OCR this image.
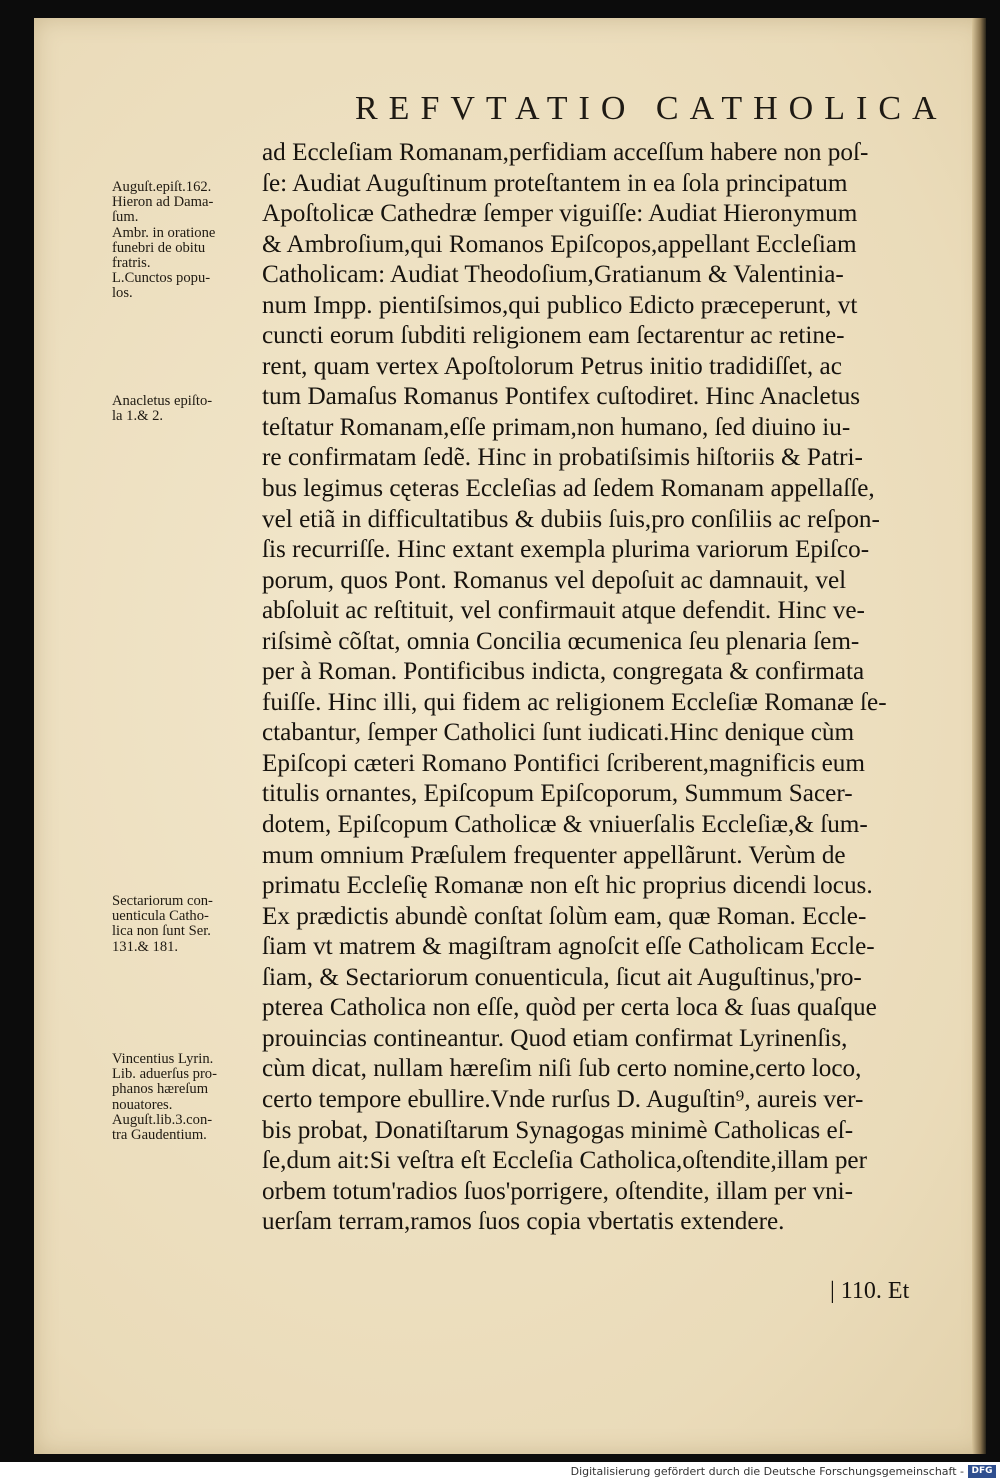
REFVTATIO CATHOLICA
ad Eccleſiam Romanam,perfidiam acceſſum habere non poſ-
ſe: Audiat Auguſtinum proteſtantem in ea ſola principatum
Apoſtolicæ Cathedræ ſemper viguiſſe: Audiat Hieronymum
& Ambroſium,qui Romanos Epiſcopos,appellant Eccleſiam
Catholicam: Audiat Theodoſium,Gratianum & Valentinia-
num Impp. pientiſsimos,qui publico Edicto præceperunt, vt
cuncti eorum ſubditi religionem eam ſectarentur ac retine-
rent, quam vertex Apoſtolorum Petrus initio tradidiſſet, ac
tum Damaſus Romanus Pontifex cuſtodiret. Hinc Anacletus
teſtatur Romanam,eſſe primam,non humano, ſed diuino iu-
re confirmatam ſedẽ. Hinc in probatiſsimis hiſtoriis & Patri-
bus legimus cęteras Eccleſias ad ſedem Romanam appellaſſe,
vel etiã in difficultatibus & dubiis ſuis,pro conſiliis ac reſpon-
ſis recurriſſe. Hinc extant exempla plurima variorum Epiſco-
porum, quos Pont. Romanus vel depoſuit ac damnauit, vel
abſoluit ac reſtituit, vel confirmauit atque defendit. Hinc ve-
riſsimè cõſtat, omnia Concilia œcumenica ſeu plenaria ſem-
per à Roman. Pontificibus indicta, congregata & confirmata
fuiſſe. Hinc illi, qui fidem ac religionem Eccleſiæ Romanæ ſe-
ctabantur, ſemper Catholici ſunt iudicati.Hinc denique cùm
Epiſcopi cæteri Romano Pontifici ſcriberent,magnificis eum
titulis ornantes, Epiſcopum Epiſcoporum, Summum Sacer-
dotem, Epiſcopum Catholicæ & vniuerſalis Eccleſiæ,& ſum-
mum omnium Præſulem frequenter appellãrunt. Verùm de
primatu Eccleſię Romanæ non eſt hic proprius dicendi locus.
Ex prædictis abundè conſtat ſolùm eam, quæ Roman. Eccle-
ſiam vt matrem & magiſtram agnoſcit eſſe Catholicam Eccle-
ſiam, & Sectariorum conuenticula, ſicut ait Auguſtinus,'pro-
pterea Catholica non eſſe, quòd per certa loca & ſuas quaſque
prouincias contineantur. Quod etiam confirmat Lyrinenſis,
cùm dicat, nullam hæreſim niſi ſub certo nomine,certo loco,
certo tempore ebullire.Vnde rurſus D. Auguſtin⁹, aureis ver-
bis probat, Donatiſtarum Synagogas minimè Catholicas eſ-
ſe,dum ait:Si veſtra eſt Eccleſia Catholica,oſtendite,illam per
orbem totum'radios ſuos'porrigere, oſtendite, illam per vni-
uerſam terram,ramos ſuos copia vbertatis extendere.
Auguſt.epiſt.162.
Hieron ad Dama-
ſum.
Ambr. in oratione
funebri de obitu
fratris.
L.Cunctos popu-
los.
Anacletus epiſto-
la 1.& 2.
Sectariorum con-
uenticula Catho-
lica non ſunt Ser.
131.& 181.
Vincentius Lyrin.
Lib. aduerſus pro-
phanos hæreſum
nouatores.
Auguſt.lib.3.con-
tra Gaudentium.
| 110. Et
Digitalisierung gefördert durch die Deutsche Forschungsgemeinschaft - DFG
